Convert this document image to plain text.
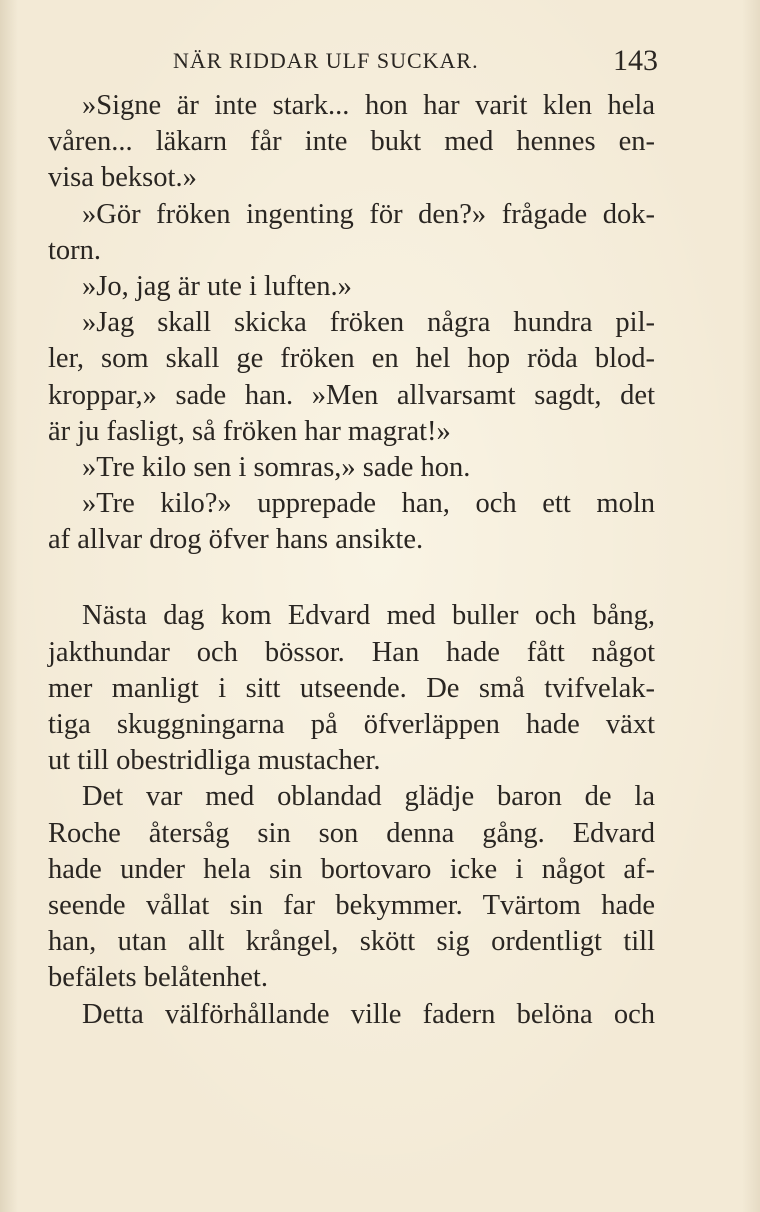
NÄR RIDDAR ULF SUCKAR.	143
»Signe är inte stark... hon har varit klen hela
våren... läkarn får inte bukt med hennes en-
visa beksot.»
»Gör fröken ingenting för den?» frågade dok-
torn.
»Jo, jag är ute i luften.»
»Jag skall skicka fröken några hundra pil-
ler, som skall ge fröken en hel hop röda blod-
kroppar,» sade han. »Men allvarsamt sagdt, det
är ju fasligt, så fröken har magrat!»
»Tre kilo sen i somras,» sade hon.
»Tre kilo?» upprepade han, och ett moln
af allvar drog öfver hans ansikte.
Nästa dag kom Edvard med buller och bång,
jakthundar och bössor. Han hade fått något
mer manligt i sitt utseende. De små tvifvelak-
tiga skuggningarna på öfverläppen hade växt
ut till obestridliga mustacher.
Det var med oblandad glädje baron de la
Roche återsåg sin son denna gång. Edvard
hade under hela sin bortovaro icke i något af-
seende vållat sin far bekymmer. Tvärtom hade
han, utan allt krångel, skött sig ordentligt till
befälets belåtenhet.
Detta välförhållande ville fadern belöna och
